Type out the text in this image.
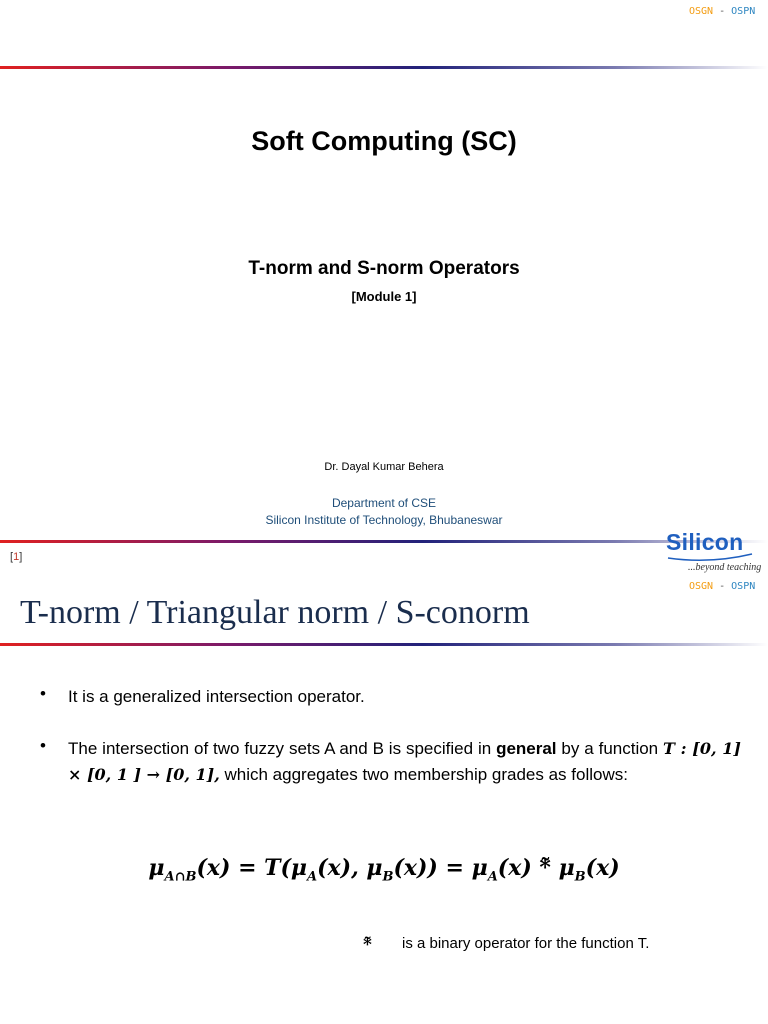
OSGN - OSPN
Soft Computing (SC)
T-norm and S-norm Operators
[Module 1]
Dr. Dayal Kumar Behera
Department of CSE
Silicon Institute of Technology, Bhubaneswar
[1]
Silicon
...beyond teaching
OSGN - OSPN
T-norm / Triangular norm / S-conorm
• It is a generalized intersection operator.
• The intersection of two fuzzy sets A and B is specified in general by a function T : [0, 1] × [0, 1 ] → [0, 1], which aggregates two membership grades as follows:
$\mu_{A\cap B}(x) = T(\mu_A(x)$, $\mu_B(x)) = \mu_A(x)$ *̃ $\mu_B(x)$
*̃ is a binary operator for the function T.
